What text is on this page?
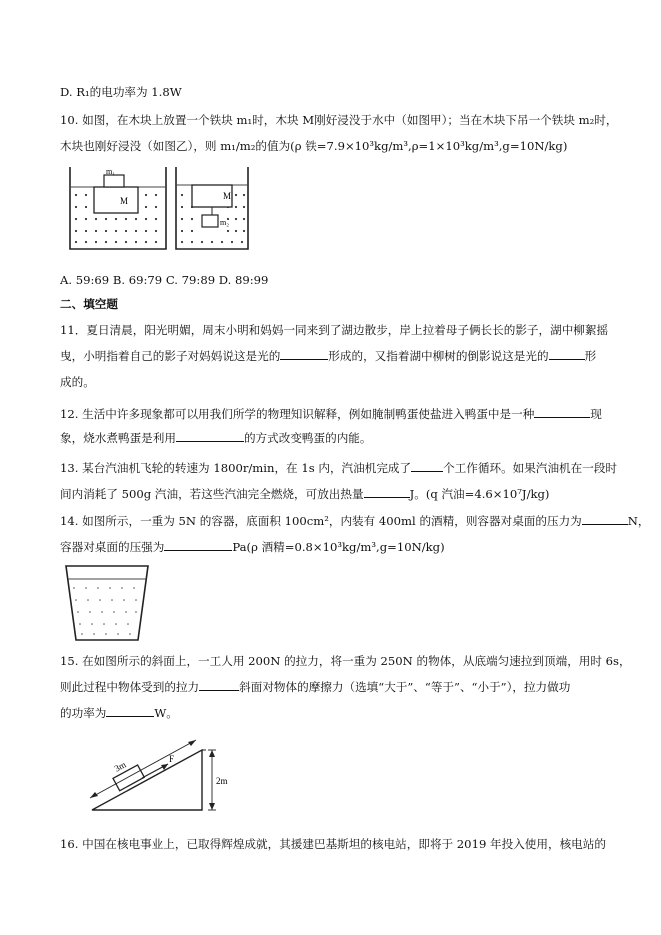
D. R₁的电功率为 1.8W
10. 如图，在木块上放置一个铁块 m₁时，木块 M刚好浸没于水中（如图甲）；当在木块下吊一个铁块 m₂时，
木块也刚好浸没（如图乙），则 m₁/m₂的值为(ρ 铁=7.9×10³kg/m³,ρ=1×10³kg/m³,g=10N/kg)
m₁
M	M
m₂
A. 59:69 B. 69:79 C. 79:89 D. 89:99
二、填空题
11．夏日清晨，阳光明媚，周末小明和妈妈一同来到了湖边散步，岸上拉着母子俩长长的影子，湖中柳絮摇
曳，小明指着自己的影子对妈妈说这是光的	形成的，又指着湖中柳树的倒影说这是光的	形
成的。
12. 生活中许多现象都可以用我们所学的物理知识解释，例如腌制鸭蛋使盐进入鸭蛋中是一种	现
象，烧水煮鸭蛋是利用	的方式改变鸭蛋的内能。
13. 某台汽油机飞轮的转速为 1800r/min，在 1s 内，汽油机完成了	个工作循环。如果汽油机在一段时
间内消耗了 500g 汽油，若这些汽油完全燃烧，可放出热量	J。(q 汽油=4.6×10⁷J/kg)
14. 如图所示，一重为 5N 的容器，底面积 100cm²，内装有 400ml 的酒精，则容器对桌面的压力为	N，
容器对桌面的压强为	Pa(ρ 酒精=0.8×10³kg/m³,g=10N/kg)
15. 在如图所示的斜面上，一工人用 200N 的拉力，将一重为 250N 的物体，从底端匀速拉到顶端，用时 6s，
则此过程中物体受到的拉力	斜面对物体的摩擦力（选填“大于”、“等于”、“小于”），拉力做功
的功率为	W。
F
3m
2m
16. 中国在核电事业上，已取得辉煌成就，其援建巴基斯坦的核电站，即将于 2019 年投入使用，核电站的
